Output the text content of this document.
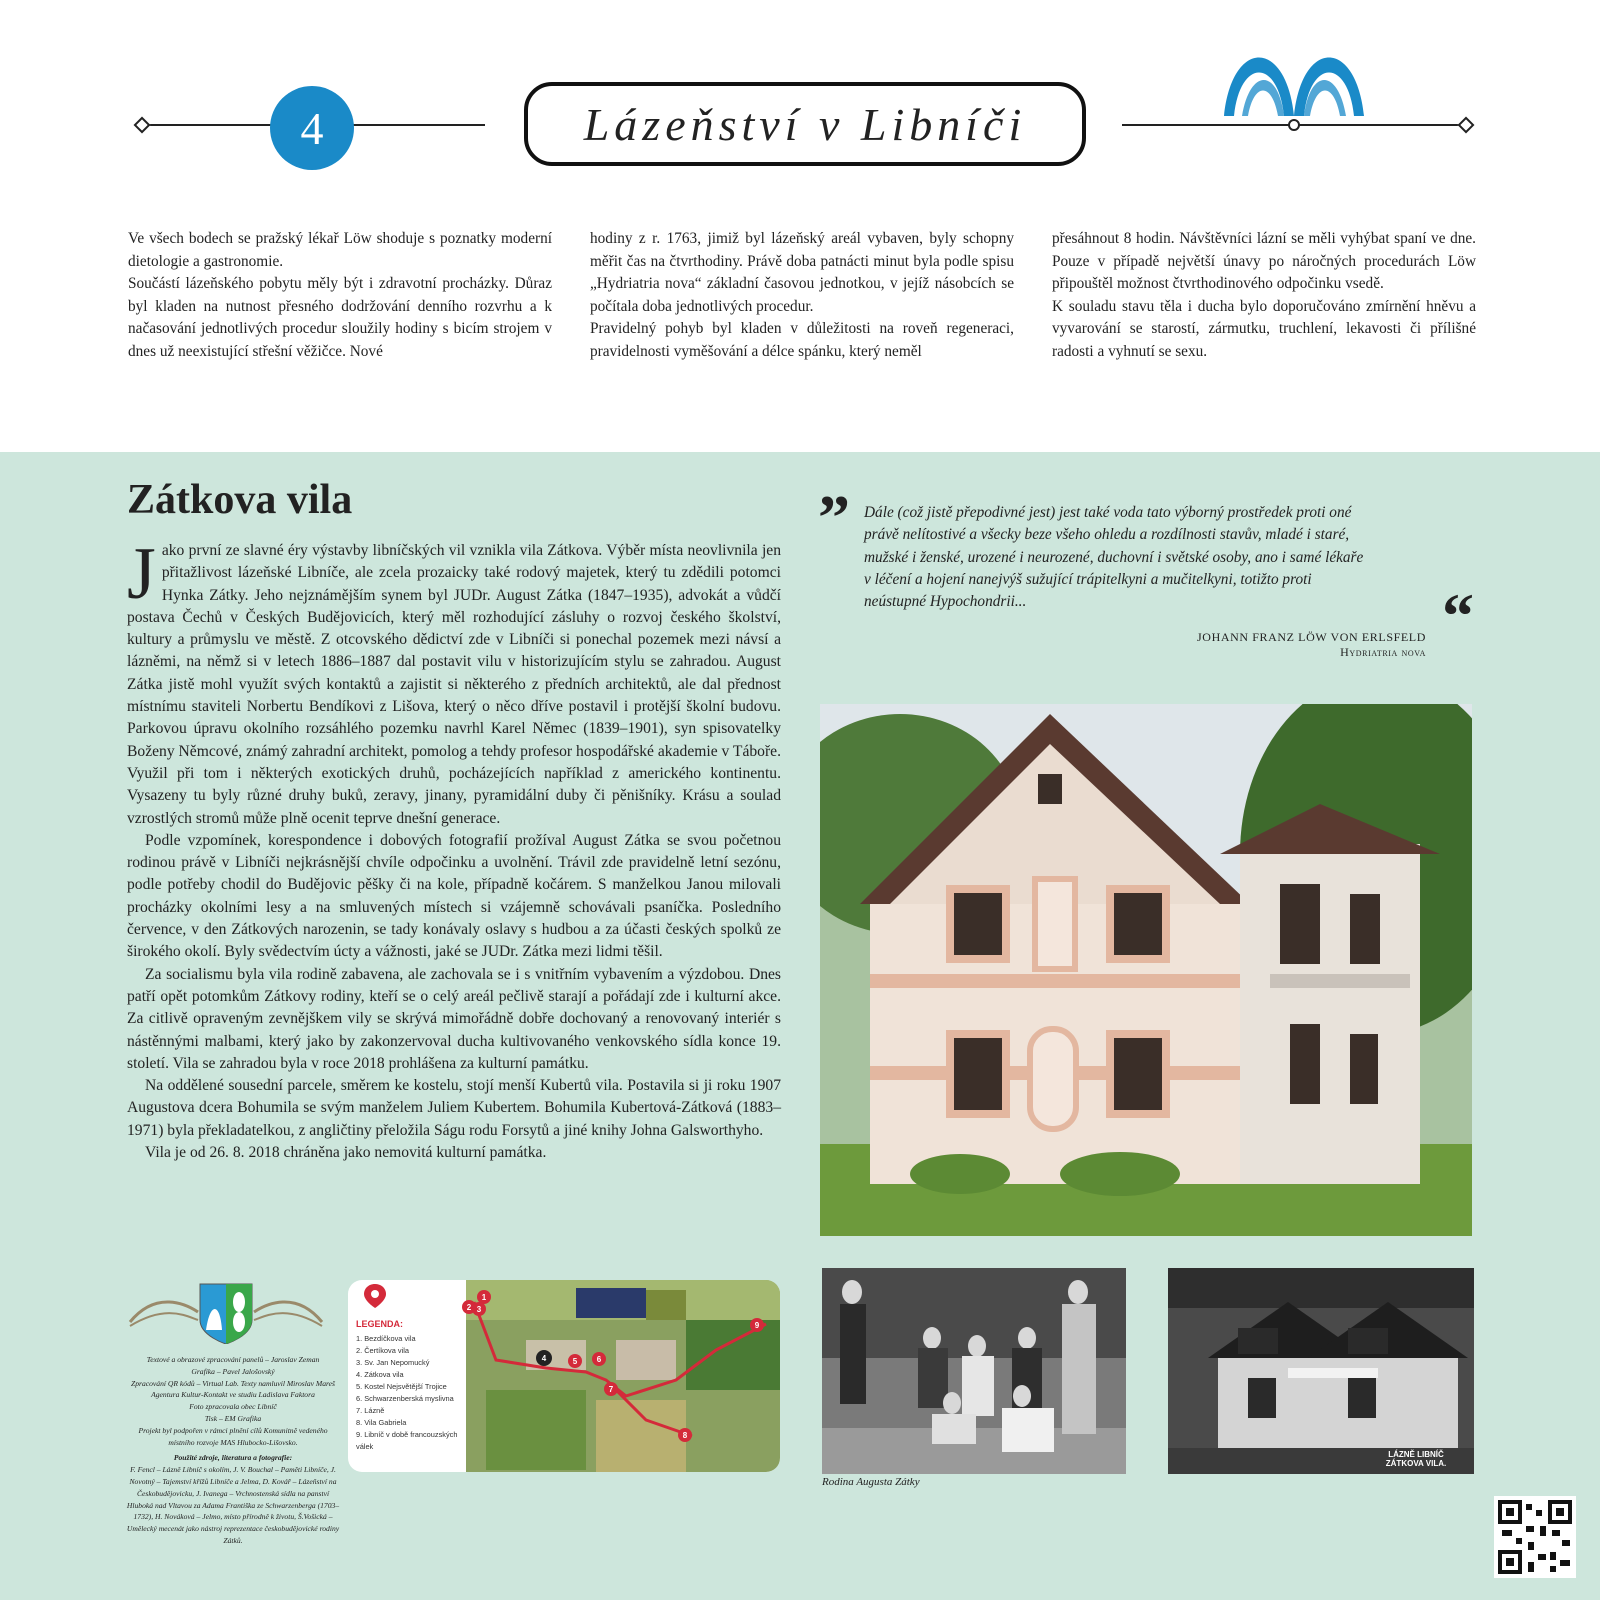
4	Lázeňství v Libníči

Ve všech bodech se pražský lékař Löw shoduje s poznatky moderní dietologie a gastronomie.

Součástí lázeňského pobytu měly být i zdravotní procházky. Důraz byl kladen na nutnost přesného dodržování denního rozvrhu a k načasování jednotlivých procedur sloužily hodiny s bicím strojem v dnes už neexistující střešní věžičce. Nové

hodiny z r. 1763, jimiž byl lázeňský areál vybaven, byly schopny měřit čas na čtvrthodiny. Právě doba patnácti minut byla podle spisu „Hydriatria nova“ základní časovou jednotkou, v jejíž násobcích se počítala doba jednotlivých procedur.

Pravidelný pohyb byl kladen v důležitosti na roveň regeneraci, pravidelnosti vyměšování a délce spánku, který neměl

přesáhnout 8 hodin. Návštěvníci lázní se měli vyhýbat spaní ve dne. Pouze v případě největší únavy po náročných procedurách Löw připouštěl možnost čtvrthodinového odpočinku vsedě.

K souladu stavu těla i ducha bylo doporučováno zmírnění hněvu a vyvarování se starostí, zármutku, truchlení, lekavosti či přílišné radosti a vyhnutí se sexu.

Zátkova vila

Jako první ze slavné éry výstavby libníčských vil vznikla vila Zátkova. Výběr místa neovlivnila jen přitažlivost lázeňské Libníče, ale zcela prozaicky také rodový majetek, který tu zdědili potomci Hynka Zátky. Jeho nejznámějším synem byl JUDr. August Zátka (1847–1935), advokát a vůdčí postava Čechů v Českých Budějovicích, který měl rozhodující zásluhy o rozvoj českého školství, kultury a průmyslu ve městě. Z otcovského dědictví zde v Libníči si ponechal pozemek mezi návsí a lázněmi, na němž si v letech 1886–1887 dal postavit vilu v historizujícím stylu se zahradou. August Zátka jistě mohl využít svých kontaktů a zajistit si některého z předních architektů, ale dal přednost místnímu staviteli Norbertu Bendíkovi z Lišova, který o něco dříve postavil i protější školní budovu. Parkovou úpravu okolního rozsáhlého pozemku navrhl Karel Němec (1839–1901), syn spisovatelky Boženy Němcové, známý zahradní architekt, pomolog a tehdy profesor hospodářské akademie v Táboře. Využil při tom i některých exotických druhů, pocházejících například z amerického kontinentu. Vysazeny tu byly různé druhy buků, zeravy, jinany, pyramidální duby či pěnišníky. Krásu a soulad vzrostlých stromů může plně ocenit teprve dnešní generace.

Podle vzpomínek, korespondence i dobových fotografií prožíval August Zátka se svou početnou rodinou právě v Libníči nejkrásnější chvíle odpočinku a uvolnění. Trávil zde pravidelně letní sezónu, podle potřeby chodil do Budějovic pěšky či na kole, případně kočárem. S manželkou Janou milovali procházky okolními lesy a na smluvených místech si vzájemně schovávali psaníčka. Posledního července, v den Zátkových narozenin, se tady konávaly oslavy s hudbou a za účasti českých spolků ze širokého okolí. Byly svědectvím úcty a vážnosti, jaké se JUDr. Zátka mezi lidmi těšil.

Za socialismu byla vila rodině zabavena, ale zachovala se i s vnitřním vybavením a výzdobou. Dnes patří opět potomkům Zátkovy rodiny, kteří se o celý areál pečlivě starají a pořádají zde i kulturní akce. Za citlivě opraveným zevnějškem vily se skrývá mimořádně dobře dochovaný a renovovaný interiér s nástěnnými malbami, který jako by zakonzervoval ducha kultivovaného venkovského sídla konce 19. století. Vila se zahradou byla v roce 2018 prohlášena za kulturní památku.

Na oddělené sousední parcele, směrem ke kostelu, stojí menší Kubertů vila. Postavila si ji roku 1907 Augustova dcera Bohumila se svým manželem Juliem Kubertem. Bohumila Kubertová-Zátková (1883–1971) byla překladatelkou, z angličtiny přeložila Ságu rodu Forsytů a jiné knihy Johna Galsworthyho.

Vila je od 26. 8. 2018 chráněna jako nemovitá kulturní památka.

” Dále (což jistě přepodivné jest) jest také voda tato výborný prostředek proti oné právě nelítostivé a všecky beze všeho ohledu a rozdílnosti stavův, mladé i staré, mužské i ženské, urozené i neurozené, duchovní i světské osoby, ano i samé lékaře v léčení a hojení nanejvýš sužující trápitelkyni a mučitelkyni, totižto proti neústupné Hypochondrii...	“
JOHANN FRANZ LÖW VON ERLSFELD
Hydriatria nova
Rodina Augusta Zátky
LÁZNĚ LIBNÍČ ZÁTKOVA VILA.
Textové a obrazové zpracování panelů – Jaroslav Zeman
Grafika – Pavel Jalošovský
Zpracování QR kódů – Virtual Lab. Texty namluvil Miroslav Mareš
Agentura Kultur-Kontakt ve studiu Ladislava Faktora
Foto zpracovala obec Libníč
Tisk – EM Grafika
Projekt byl podpořen v rámci plnění cílů Komunitně vedeného místního rozvoje MAS Hlubocko-Lišovsko.
Použité zdroje, literatura a fotografie:
F. Fencl – Lázně Libníč s okolím, J. V. Bouchal – Paměti Libníče, J. Novotný – Tajemství křížů Libníče a Jelma, D. Kovář – Lázeňství na Českobudějovicku, J. Ivanega – Vrchnostenská sídla na panství Hluboká nad Vltavou za Adama Františka ze Schwarzenberga (1703–1732), H. Nováková – Jelmo, místo přírodně k životu, Š.Vošická – Umělecký mecenát jako nástroj reprezentace českobudějovické rodiny Zátků.
LEGENDA:
1. Bezdíčkova vila
2. Čertíkova vila
3. Sv. Jan Nepomucký
4. Zátkova vila
5. Kostel Nejsvětější Trojice
6. Schwarzenberská myslivna
7. Lázně
8. Vila Gabriela
9. Libníč v době francouzských válek
1
2 3
4	5	6
7
8
9
